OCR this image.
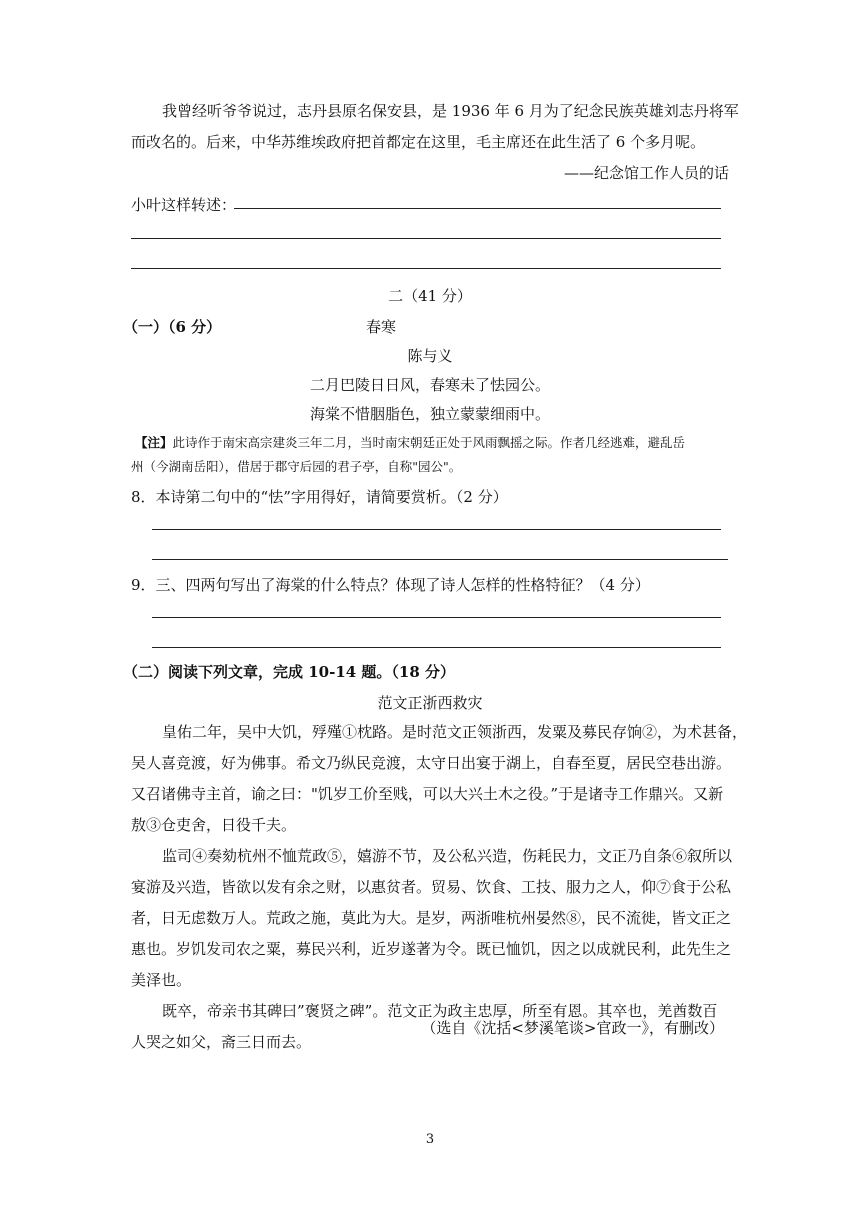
我曾经听爷爷说过，志丹县原名保安县，是 1936 年 6 月为了纪念民族英雄刘志丹将军
而改名的。后来，中华苏维埃政府把首都定在这里，毛主席还在此生活了 6 个多月呢。
——纪念馆工作人员的话
小叶这样转述：
二（41 分）
（一）（6 分）	春寒
陈与义
二月巴陵日日风，春寒未了怯园公。
海棠不惜胭脂色，独立蒙蒙细雨中。
【注】此诗作于南宋高宗建炎三年二月，当时南宋朝廷正处于风雨飘摇之际。作者几经逃难，避乱岳
州（今湖南岳阳），借居于郡守后园的君子亭，自称"园公"。
8．本诗第二句中的“怯”字用得好，请简要赏析。（2 分）
9．三、四两句写出了海棠的什么特点？体现了诗人怎样的性格特征？（4 分）
（二）阅读下列文章，完成 10-14 题。（18 分）
范文正浙西救灾
皇佑二年，吴中大饥，殍殣①枕路。是时范文正领浙西，发粟及募民存饷②，为术甚备，
吴人喜竞渡，好为佛事。希文乃纵民竞渡，太守日出宴于湖上，自春至夏，居民空巷出游。
又召诸佛寺主首，谕之曰："饥岁工价至贱，可以大兴土木之役。”于是诸寺工作鼎兴。又新
敖③仓吏舍，日役千夫。
监司④奏劾杭州不恤荒政⑤，嬉游不节，及公私兴造，伤耗民力，文正乃自条⑥叙所以
宴游及兴造，皆欲以发有余之财，以惠贫者。贸易、饮食、工技、服力之人，仰⑦食于公私
者，日无虑数万人。荒政之施，莫此为大。是岁，两浙唯杭州晏然⑧，民不流徙，皆文正之
惠也。岁饥发司农之粟，募民兴利，近岁遂著为令。既已恤饥，因之以成就民利，此先生之
美泽也。
既卒，帝亲书其碑曰”褒贤之碑”。范文正为政主忠厚，所至有恩。其卒也，羌酋数百
人哭之如父，斋三日而去。
（选自《沈括<梦溪笔谈>官政一》，有删改）
3
